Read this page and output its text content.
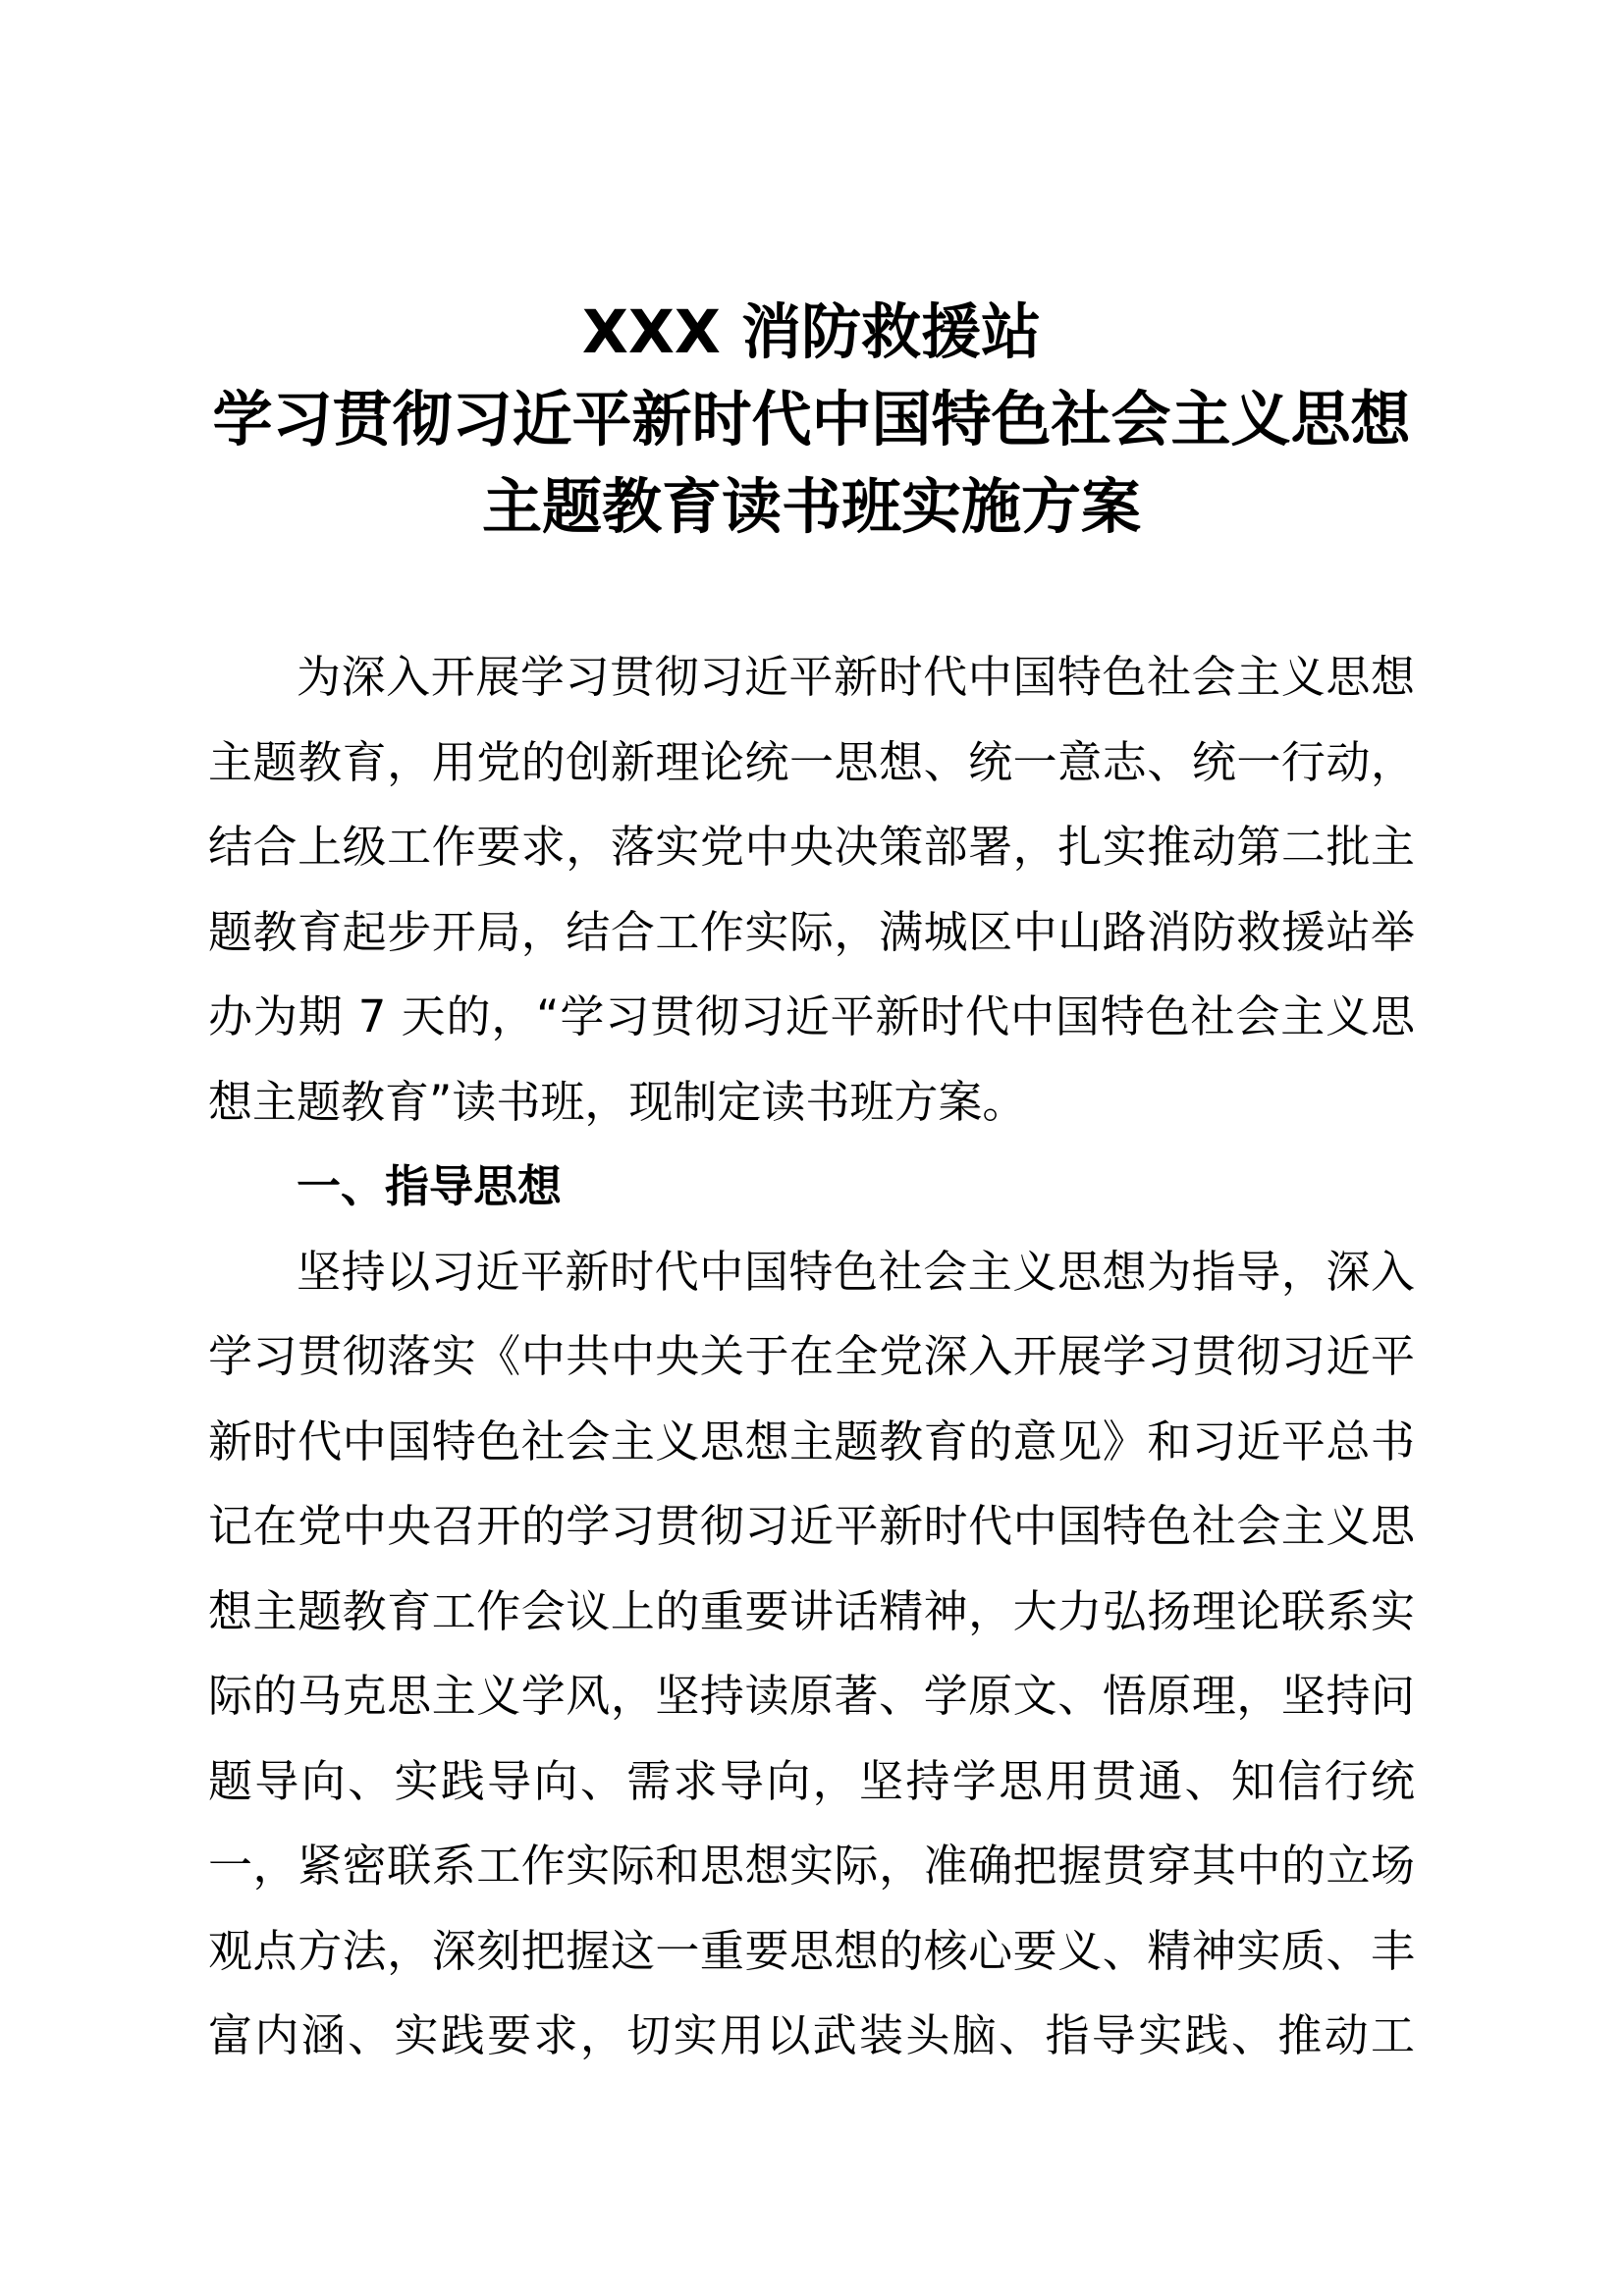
XXX 消防救援站
学习贯彻习近平新时代中国特色社会主义思想
主题教育读书班实施方案
为深入开展学习贯彻习近平新时代中国特色社会主义思想
主题教育，用党的创新理论统一思想、统一意志、统一行动，
结合上级工作要求，落实党中央决策部署，扎实推动第二批主
题教育起步开局，结合工作实际，满城区中山路消防救援站举
办为期 7 天的，“学习贯彻习近平新时代中国特色社会主义思
想主题教育”读书班，现制定读书班方案。
一、指导思想
坚持以习近平新时代中国特色社会主义思想为指导，深入
学习贯彻落实《中共中央关于在全党深入开展学习贯彻习近平
新时代中国特色社会主义思想主题教育的意见》和习近平总书
记在党中央召开的学习贯彻习近平新时代中国特色社会主义思
想主题教育工作会议上的重要讲话精神，大力弘扬理论联系实
际的马克思主义学风，坚持读原著、学原文、悟原理，坚持问
题导向、实践导向、需求导向，坚持学思用贯通、知信行统
一，紧密联系工作实际和思想实际，准确把握贯穿其中的立场
观点方法，深刻把握这一重要思想的核心要义、精神实质、丰
富内涵、实践要求，切实用以武装头脑、指导实践、推动工
